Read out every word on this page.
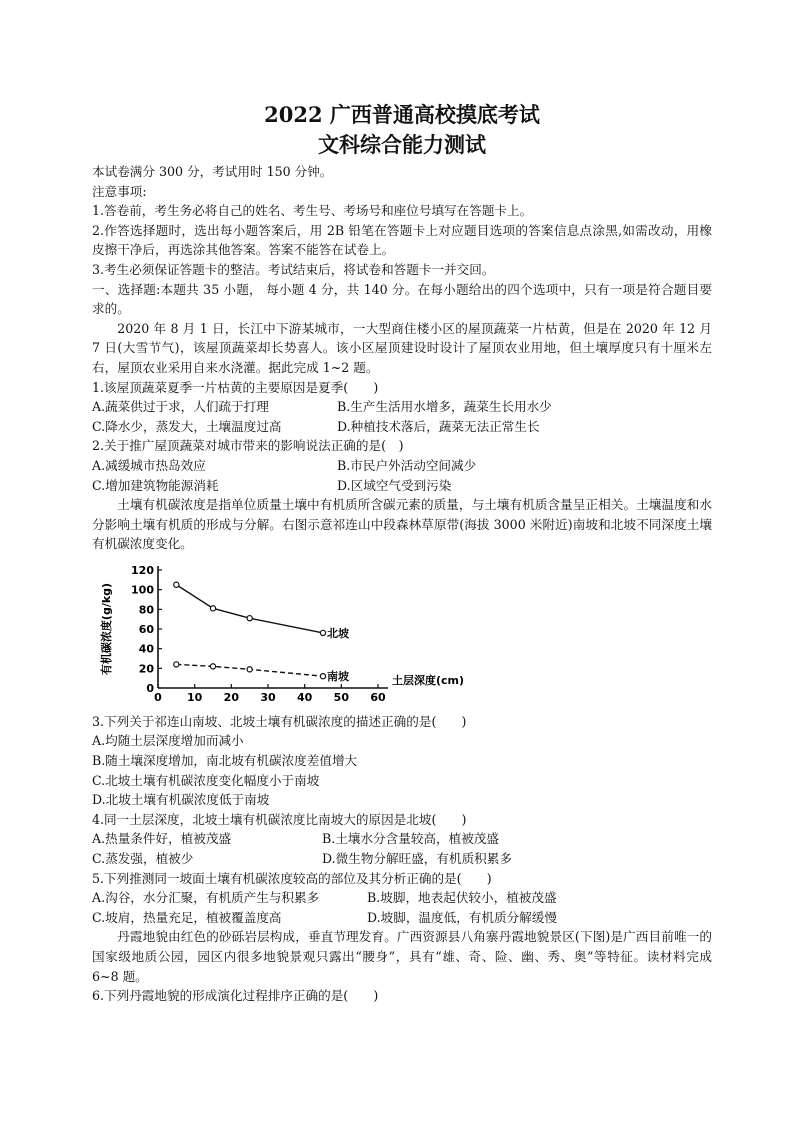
2022 广西普通高校摸底考试
文科综合能力测试
本试卷满分 300 分，考试用时 150 分钟。
注意事项:
1.答卷前，考生务必将自己的姓名、考生号、考场号和座位号填写在答题卡上。
2.作答选择题时，选出每小题答案后，用 2B 铅笔在答题卡上对应题目选项的答案信息点涂黑,如需改动，用橡皮擦干净后，再选涂其他答案。答案不能答在试卷上。
3.考生必须保证答题卡的整洁。考试结束后，将试卷和答题卡一并交回。
一、选择题:本题共 35 小题， 每小题 4 分，共 140 分。在每小题给出的四个选项中，只有一项是符合题目要求的。
2020 年 8 月 1 日，长江中下游某城市，一大型商住楼小区的屋顶蔬菜一片枯黄，但是在 2020 年 12 月 7 日(大雪节气)，该屋顶蔬菜却长势喜人。该小区屋顶建设时设计了屋顶农业用地，但土壤厚度只有十厘米左右，屋顶农业采用自来水浇灌。据此完成 1~2 题。
1.该屋顶蔬菜夏季一片枯黄的主要原因是夏季(　　)
A.蔬菜供过于求，人们疏于打理	B.生产生活用水增多，蔬菜生长用水少
C.降水少，蒸发大，土壤温度过高	D.种植技术落后，蔬菜无法正常生长
2.关于推广屋顶蔬菜对城市带来的影响说法正确的是(　)
A.减缓城市热岛效应	B.市民户外活动空间减少
C.增加建筑物能源消耗	D.区域空气受到污染
土壤有机碳浓度是指单位质量土壤中有机质所含碳元素的质量，与土壤有机质含量呈正相关。土壤温度和水分影响土壤有机质的形成与分解。右图示意祁连山中段森林草原带(海拔 3000 米附近)南坡和北坡不同深度土壤有机碳浓度变化。
0 10 20 30 40 50 60
0
20
40
60
80
100
120
土层深度(cm)
有机碳浓度(g/kg)	北坡
南坡
3.下列关于祁连山南坡、北坡土壤有机碳浓度的描述正确的是(　　)
A.均随土层深度增加而减小
B.随土壤深度增加，南北坡有机碳浓度差值增大
C.北坡土壤有机碳浓度变化幅度小于南坡
D.北坡土壤有机碳浓度低于南坡
4.同一土层深度，北坡土壤有机碳浓度比南坡大的原因是北坡(　　)
A.热量条件好，植被茂盛	B.土壤水分含量较高，植被茂盛
C.蒸发强，植被少	D.微生物分解旺盛，有机质积累多
5.下列推测同一坡面土壤有机碳浓度较高的部位及其分析正确的是(　　)
A.沟谷，水分汇聚，有机质产生与积累多	B.坡脚，地表起伏较小，植被茂盛
C.坡肩，热量充足，植被覆盖度高	D.坡脚，温度低，有机质分解缓慢
丹霞地貌由红色的砂砾岩层构成，垂直节理发育。广西资源县八角寨丹霞地貌景区(下图)是广西目前唯一的国家级地质公园，园区内很多地貌景观只露出“腰身”，具有“雄、奇、险、幽、秀、奥”等特征。读材料完成 6~8 题。
6.下列丹霞地貌的形成演化过程排序正确的是(　　)
